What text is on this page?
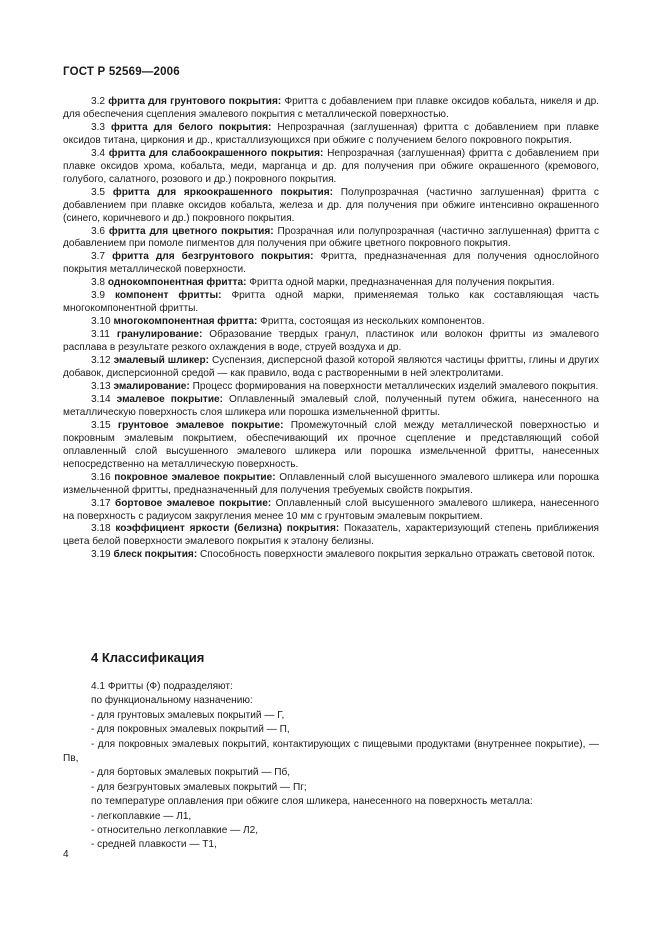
ГОСТ Р 52569—2006

3.2 фритта для грунтового покрытия: Фритта с добавлением при плавке оксидов кобальта, никеля и др. для обеспечения сцепления эмалевого покрытия с металлической поверхностью.

3.3 фритта для белого покрытия: Непрозрачная (заглушенная) фритта с добавлением при плавке оксидов титана, циркония и др., кристаллизующихся при обжиге с получением белого покровного покрытия.

3.4 фритта для слабоокрашенного покрытия: Непрозрачная (заглушенная) фритта с добавлением при плавке оксидов хрома, кобальта, меди, марганца и др. для получения при обжиге окрашенного (кремового, голубого, салатного, розового и др.) покровного покрытия.

3.5 фритта для яркоокрашенного покрытия: Полупрозрачная (частично заглушенная) фритта с добавлением при плавке оксидов кобальта, железа и др. для получения при обжиге интенсивно окрашенного (синего, коричневого и др.) покровного покрытия.

3.6 фритта для цветного покрытия: Прозрачная или полупрозрачная (частично заглушенная) фритта с добавлением при помоле пигментов для получения при обжиге цветного покровного покрытия.

3.7 фритта для безгрунтового покрытия: Фритта, предназначенная для получения однослойного покрытия металлической поверхности.

3.8 однокомпонентная фритта: Фритта одной марки, предназначенная для получения покрытия.

3.9 компонент фритты: Фритта одной марки, применяемая только как составляющая часть многокомпонентной фритты.

3.10 многокомпонентная фритта: Фритта, состоящая из нескольких компонентов.

3.11 гранулирование: Образование твердых гранул, пластинок или волокон фритты из эмалевого расплава в результате резкого охлаждения в воде, струей воздуха и др.

3.12 эмалевый шликер: Суспензия, дисперсной фазой которой являются частицы фритты, глины и других добавок, дисперсионной средой — как правило, вода с растворенными в ней электролитами.

3.13 эмалирование: Процесс формирования на поверхности металлических изделий эмалевого покрытия.

3.14 эмалевое покрытие: Оплавленный эмалевый слой, полученный путем обжига, нанесенного на металлическую поверхность слоя шликера или порошка измельченной фритты.

3.15 грунтовое эмалевое покрытие: Промежуточный слой между металлической поверхностью и покровным эмалевым покрытием, обеспечивающий их прочное сцепление и представляющий собой оплавленный слой высушенного эмалевого шликера или порошка измельченной фритты, нанесенных непосредственно на металлическую поверхность.

3.16 покровное эмалевое покрытие: Оплавленный слой высушенного эмалевого шликера или порошка измельченной фритты, предназначенный для получения требуемых свойств покрытия.

3.17 бортовое эмалевое покрытие: Оплавленный слой высушенного эмалевого шликера, нанесенного на поверхность с радиусом закругления менее 10 мм с грунтовым эмалевым покрытием.

3.18 коэффициент яркости (белизна) покрытия: Показатель, характеризующий степень приближения цвета белой поверхности эмалевого покрытия к эталону белизны.

3.19 блеск покрытия: Способность поверхности эмалевого покрытия зеркально отражать световой поток.

4 Классификация

4.1 Фритты (Ф) подразделяют:

по функциональному назначению:

- для грунтовых эмалевых покрытий — Г,

- для покровных эмалевых покрытий — П,

- для покровных эмалевых покрытий, контактирующих с пищевыми продуктами (внутреннее покрытие), — Пв,

- для бортовых эмалевых покрытий — Пб,

- для безгрунтовых эмалевых покрытий — Пг;

по температуре оплавления при обжиге слоя шликера, нанесенного на поверхность металла:

- легкоплавкие — Л1,

- относительно легкоплавкие — Л2,

- средней плавкости — Т1,

4
